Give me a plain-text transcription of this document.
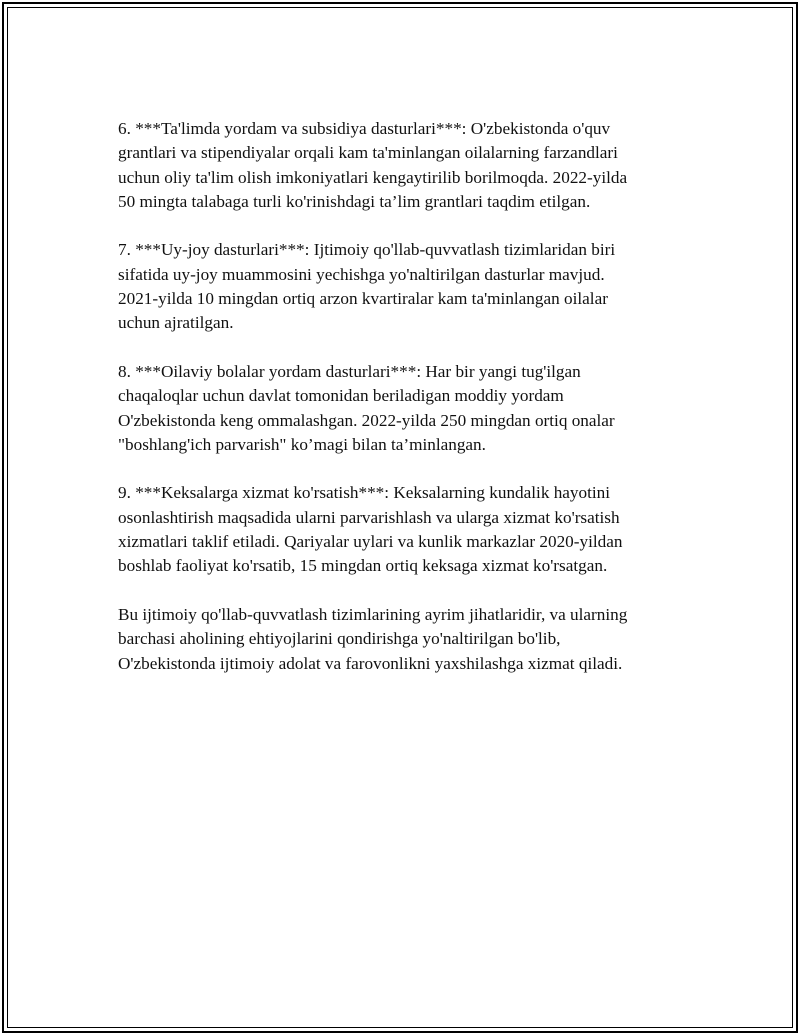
6. ***Ta'limda yordam va subsidiya dasturlari***: O'zbekistonda o'quv
grantlari va stipendiyalar orqali kam ta'minlangan oilalarning farzandlari
uchun oliy ta'lim olish imkoniyatlari kengaytirilib borilmoqda. 2022-yilda
50 mingta talabaga turli ko'rinishdagi ta’lim grantlari taqdim etilgan.

7. ***Uy-joy dasturlari***: Ijtimoiy qo'llab-quvvatlash tizimlaridan biri
sifatida uy-joy muammosini yechishga yo'naltirilgan dasturlar mavjud.
2021-yilda 10 mingdan ortiq arzon kvartiralar kam ta'minlangan oilalar
uchun ajratilgan.

8. ***Oilaviy bolalar yordam dasturlari***: Har bir yangi tug'ilgan
chaqaloqlar uchun davlat tomonidan beriladigan moddiy yordam
O'zbekistonda keng ommalashgan. 2022-yilda 250 mingdan ortiq onalar
"boshlang'ich parvarish" ko’magi bilan ta’minlangan.

9. ***Keksalarga xizmat ko'rsatish***: Keksalarning kundalik hayotini
osonlashtirish maqsadida ularni parvarishlash va ularga xizmat ko'rsatish
xizmatlari taklif etiladi. Qariyalar uylari va kunlik markazlar 2020-yildan
boshlab faoliyat ko'rsatib, 15 mingdan ortiq keksaga xizmat ko'rsatgan.

Bu ijtimoiy qo'llab-quvvatlash tizimlarining ayrim jihatlaridir, va ularning
barchasi aholining ehtiyojlarini qondirishga yo'naltirilgan bo'lib,
O'zbekistonda ijtimoiy adolat va farovonlikni yaxshilashga xizmat qiladi.
